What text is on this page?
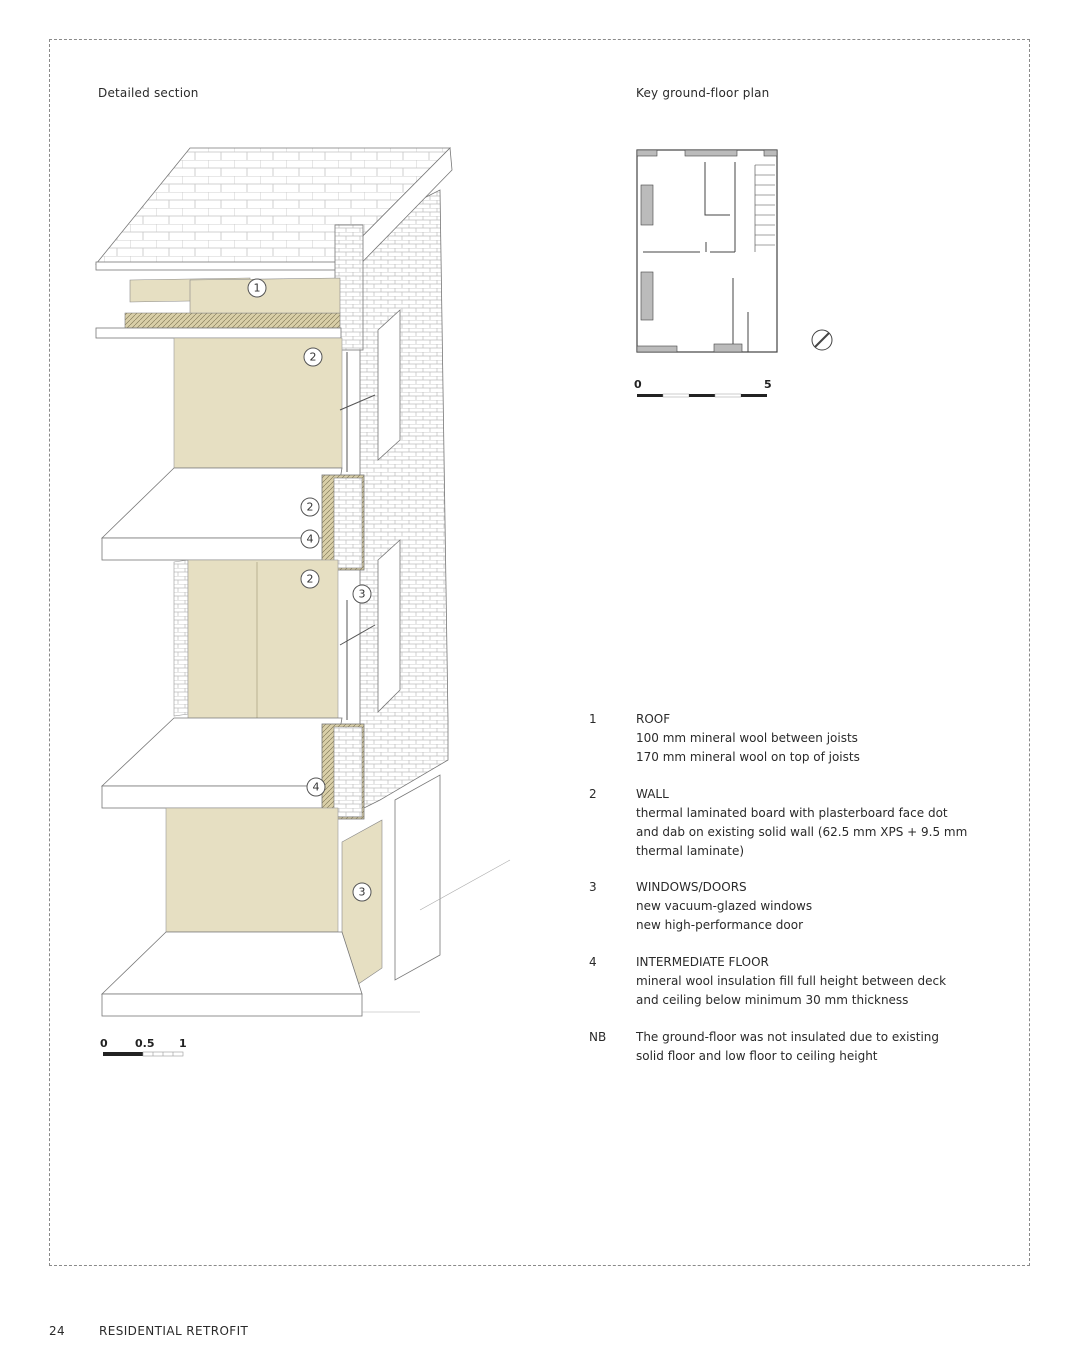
Detailed section	Key ground-floor plan
1
2
2
4
2
3
4
3
0 0.5 1
0	5
1	ROOF
100 mm mineral wool between joists
170 mm mineral wool on top of joists
2	WALL
thermal laminated board with plasterboard face dot
and dab on existing solid wall (62.5 mm XPS + 9.5 mm
thermal laminate)
3	WINDOWS/DOORS
new vacuum-glazed windows
new high-performance door
4	INTERMEDIATE FLOOR
mineral wool insulation fill full height between deck
and ceiling below minimum 30 mm thickness
NB	The ground-floor was not insulated due to existing
solid floor and low floor to ceiling height
24	RESIDENTIAL RETROFIT
